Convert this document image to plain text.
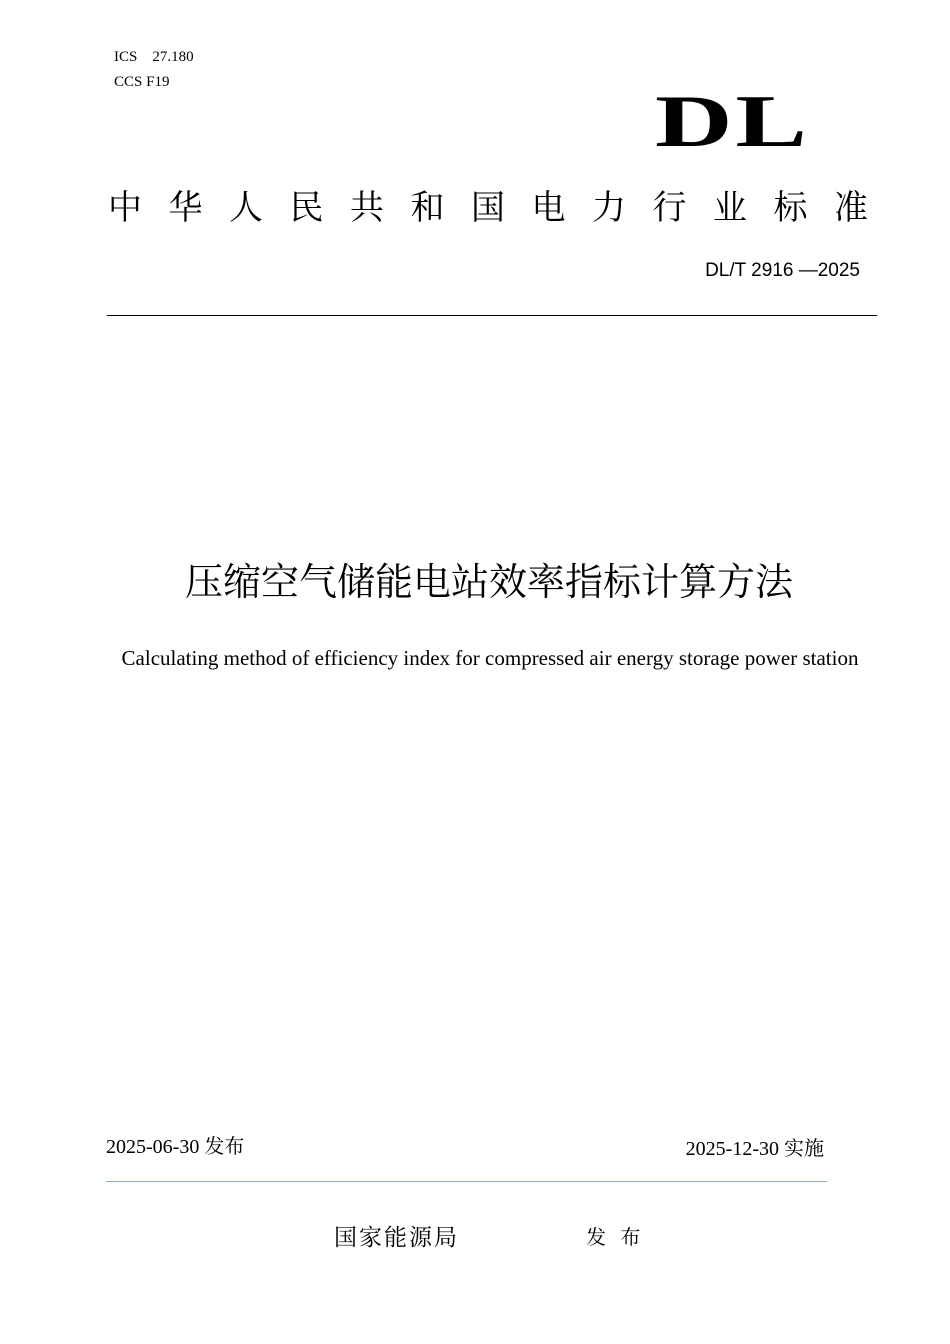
ICS    27.180
CCS F19	DL
中华人民共和国电力行业标准
DL/T 2916 —2025
压缩空气储能电站效率指标计算方法
Calculating method of efficiency index for compressed air energy storage power station
2025-06-30 发布	2025-12-30 实施
国家能源局	发 布
